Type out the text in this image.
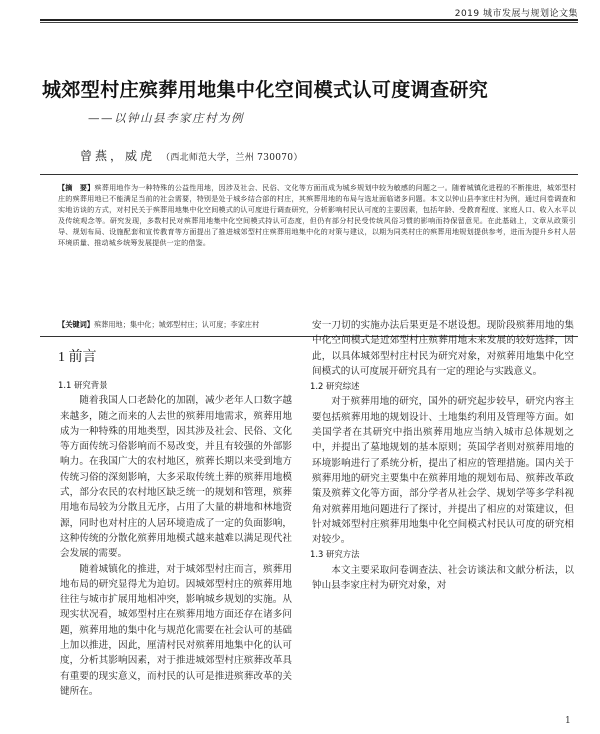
2019 城市发展与规划论文集
城郊型村庄殡葬用地集中化空间模式认可度调查研究
——以钟山县李家庄村为例
曾燕，威虎 （西北师范大学，兰州 730070）
【摘　要】殡葬用地作为一种特殊的公益性用地，因涉及社会、民俗、文化等方面而成为城乡规划中较为敏感的问题之一。随着城镇化进程的不断推进，城郊型村庄的殡葬用地已不能满足当前的社会需要，特别是处于城乡结合部的村庄，其殡葬用地的布局与选址面临诸多问题。本文以钟山县李家庄村为例，通过问卷调查和实地访谈的方式，对村民关于殡葬用地集中化空间模式的认可度进行调查研究，分析影响村民认可度的主要因素，包括年龄、受教育程度、家庭人口、收入水平以及传统观念等。研究发现，多数村民对殡葬用地集中化空间模式持认可态度，但仍有部分村民受传统风俗习惯的影响而持保留意见。在此基础上，文章从政策引导、规划布局、设施配套和宣传教育等方面提出了推进城郊型村庄殡葬用地集中化的对策与建议，以期为同类村庄的殡葬用地规划提供参考，进而为提升乡村人居环境质量、推动城乡统筹发展提供一定的借鉴。
【关键词】殡葬用地；集中化；城郊型村庄；认可度；李家庄村
1 前言
1.1 研究背景

随着我国人口老龄化的加剧，减少老年人口数字越来越多，随之而来的人去世的殡葬用地需求，殡葬用地成为一种特殊的用地类型，因其涉及社会、民俗、文化等方面传统习俗影响而不易改变，并且有较强的外部影响力。在我国广大的农村地区，殡葬长期以来受到地方传统习俗的深刻影响，大多采取传统土葬的殡葬用地模式，部分农民的农村地区缺乏统一的规划和管理，殡葬用地布局较为分散且无序，占用了大量的耕地和林地资源，同时也对村庄的人居环境造成了一定的负面影响，这种传统的分散化殡葬用地模式越来越难以满足现代社会发展的需要。

随着城镇化的推进，对于城郊型村庄而言，殡葬用地布局的研究显得尤为迫切。因城郊型村庄的殡葬用地往往与城市扩展用地相冲突，影响城乡规划的实施。从现实状况看，城郊型村庄在殡葬用地方面还存在诸多问题，殡葬用地的集中化与规范化需要在社会认可的基础上加以推进，因此，厘清村民对殡葬用地集中化的认可度，分析其影响因素，对于推进城郊型村庄殡葬改革具有重要的现实意义，而村民的认可是推进殡葬改革的关键所在。

安一刀切的实施办法后果更是不堪设想。现阶段殡葬用地的集中化空间模式是近郊型村庄殡葬用地未来发展的较好选择，因此，以具体城郊型村庄村民为研究对象，对殡葬用地集中化空间模式的认可度展开研究具有一定的理论与实践意义。

1.2 研究综述

对于殡葬用地的研究，国外的研究起步较早，研究内容主要包括殡葬用地的规划设计、土地集约利用及管理等方面。如美国学者在其研究中指出殡葬用地应当纳入城市总体规划之中，并提出了墓地规划的基本原则；英国学者则对殡葬用地的环境影响进行了系统分析，提出了相应的管理措施。国内关于殡葬用地的研究主要集中在殡葬用地的规划布局、殡葬改革政策及殡葬文化等方面，部分学者从社会学、规划学等多学科视角对殡葬用地问题进行了探讨，并提出了相应的对策建议，但针对城郊型村庄殡葬用地集中化空间模式村民认可度的研究相对较少。

1.3 研究方法

本文主要采取问卷调查法、社会访谈法和文献分析法，以钟山县李家庄村为研究对象，对

1
